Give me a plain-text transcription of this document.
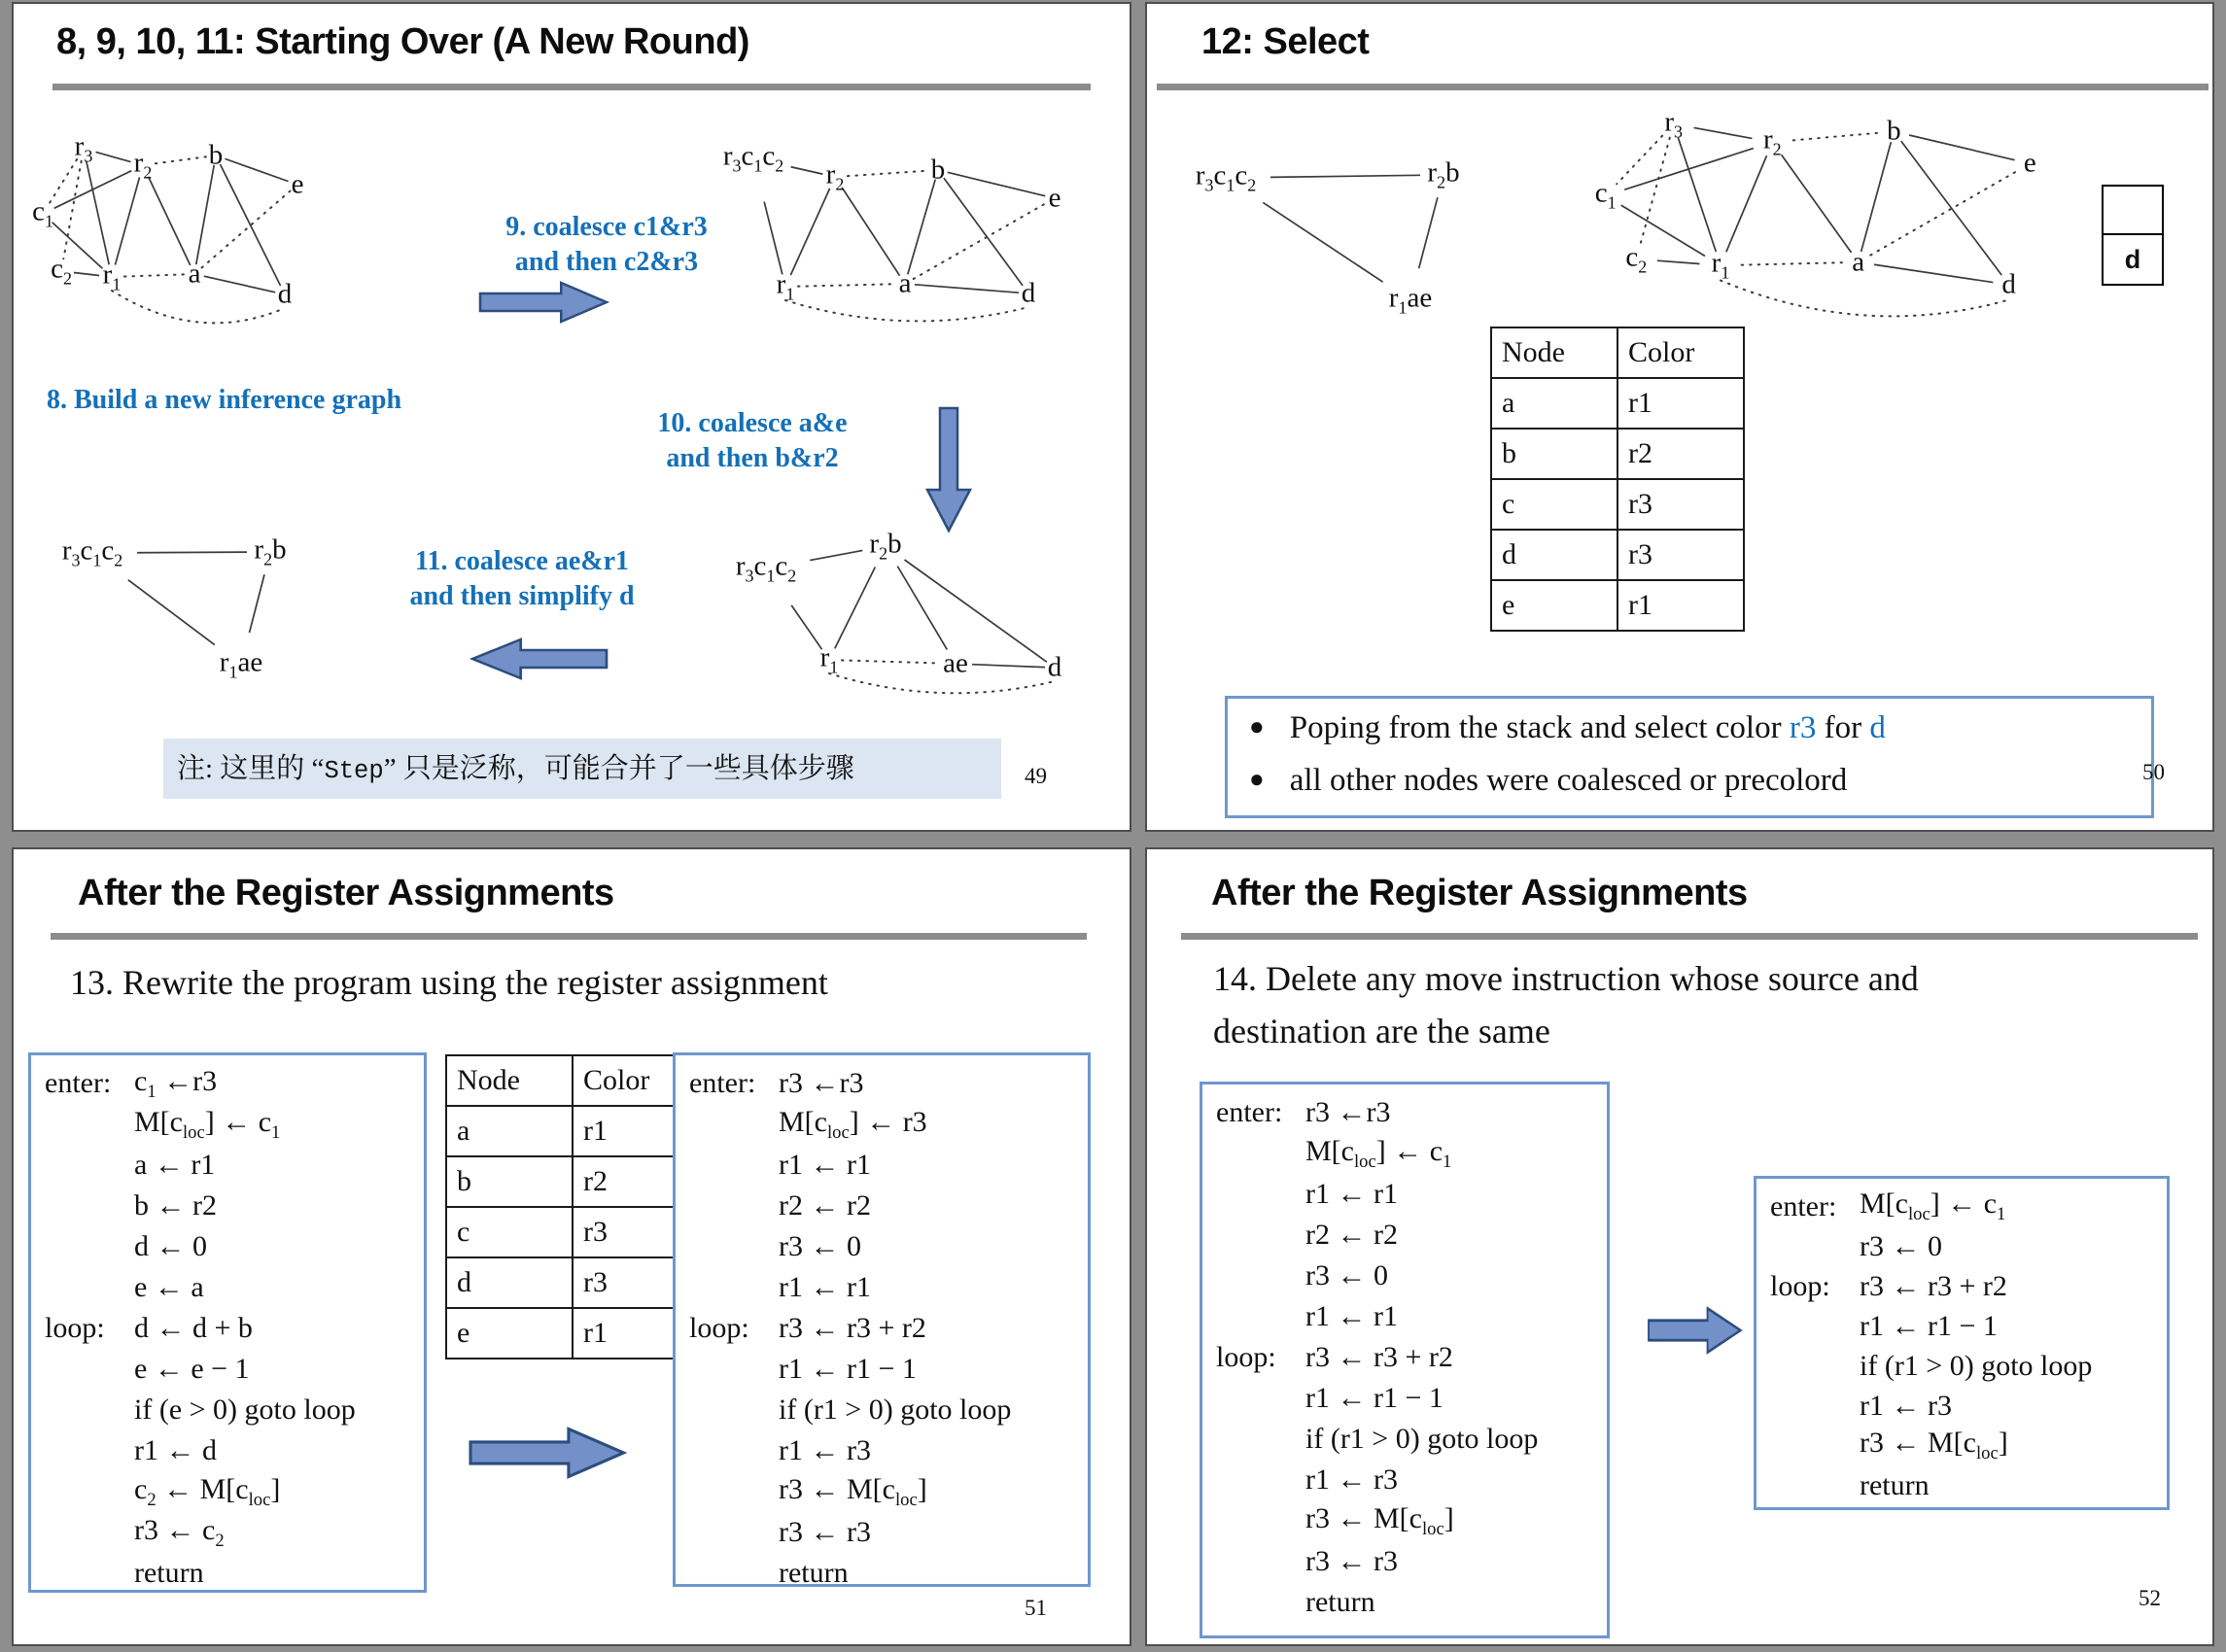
8, 9, 10, 11: Starting Over (A New Round)
$r_3$ $r_2$
b
e
$c_1$
$c_2$ $r_1$ a
d
9. coalesce c1&r3
and then c2&r3
$r_3c_1c_2$ $r_2$	b
e
$r_1$	a	d
8. Build a new inference graph
10. coalesce a&e
and then b&r2
11. coalesce ae&r1
and then simplify d
$r_3c_1c_2$	$r_2b$
$r_1ae$
$r_3c_1c_2$
$r_2b$
$r_1$	ae	d
注: 这里的 “Step” 只是泛称，可能合并了一些具体步骤	49
12: Select
$r_3c_1c_2$	$r_2b$
$r_1ae$
$r_3$	$r_2$
b
e
$c_1$
$c_2$ $r_1$	a
d
d
Node	Color
a	r1
b	r2
c	r3
d	r3
e	r1
● Poping from the stack and select color r3 for d
● all other nodes were coalesced or precolord	50
After the Register Assignments
13. Rewrite the program using the register assignment
enter: $c_1$ ←r3
$M[c_{loc}]$ ← $c_1$
a ← r1
b ← r2
d ← 0
e ← a
loop:	d ← d + b
e ← e − 1
if (e > 0) goto loop
r1 ← d
$c_2$ ← $M[c_{loc}]$
r3 ← $c_2$
return
Node	Color
a	r1
b	r2
c	r3
d	r3
e	r1
enter: r3 ←r3
$M[c_{loc}]$ ← r3
r1 ← r1
r2 ← r2
r3 ← 0
r1 ← r1
loop:	r3 ← r3 + r2
r1 ← r1 − 1
if (r1 > 0) goto loop
r1 ← r3
r3 ← $M[c_{loc}]$
r3 ← r3
return
51
After the Register Assignments
14. Delete any move instruction whose source and
destination are the same
enter: r3 ←r3
$M[c_{loc}]$ ← $c_1$
r1 ← r1
r2 ← r2
r3 ← 0
r1 ← r1
loop:	r3 ← r3 + r2
r1 ← r1 − 1
if (r1 > 0) goto loop
r1 ← r3
r3 ← $M[c_{loc}]$
r3 ← r3
return
enter: $M[c_{loc}]$ ← $c_1$
r3 ← 0
loop:	r3 ← r3 + r2
r1 ← r1 − 1
if (r1 > 0) goto loop
r1 ← r3
r3 ← $M[c_{loc}]$
return
52
